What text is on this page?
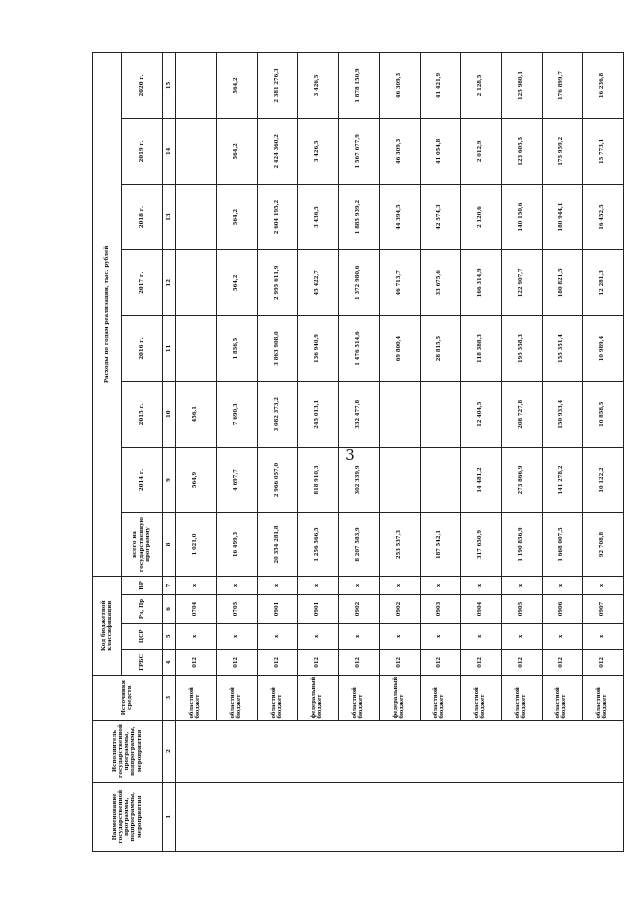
3
Наименование государственной программы, подпрограммы, мероприятия	Исполнитель государственной программы, подпрограммы, мероприятия	Источники средств	Код бюджетной классификации				Расходы по годам реализации, тыс. рублей							
			ГРБС	ЦСР	Рз, Пр	ВР	всего на государственную программу	2014 г.	2015 г.	2016 г.	2017 г.	2018 г.	2019 г.	2020 г.
1	2	3	4	5	6	7	8	9	10	11	12	13	14	15
		областной бюджет	012	х	0704	х	1 021,0	564,9	456,1					
		областной бюджет	012	х	0705	х	16 499,3	4 697,7	7 690,3	1 856,5	564,2	564,2	564,2	564,2
		областной бюджет	012	х	0901	х	20 354 281,8	2 966 057,0	3 082 373,2	3 863 908,0	2 995 611,9	2 604 195,2	2 424 360,2	2 381 276,3
		федеральный бюджет	012	х	0901	х	1 256 566,5	818 910,3	245 013,1	136 940,9	45 422,7	3 436,5	3 426,5	3 426,5
		областной бюджет	012	х	0902	х	8 207 583,9	302 339,9	332 477,8	1 476 514,6	1 372 980,6	1 885 939,2	1 567 677,9	1 878 150,9
		федеральный бюджет	012	х	0902	х	253 537,3			69 800,4	46 713,7	44 394,5	46 309,3	46 309,3
		областной бюджет	012	х	0903	х	187 542,1			28 815,5	33 675,6	42 574,3	41 054,8	41 421,9
		областной бюджет	012	х	0904	х	317 650,9	14 481,2	12 404,5	118 388,3	166 314,9	2 120,6	2 012,9	2 128,5
		областной бюджет	012	х	0905	х	1 190 856,9	273 866,9	208 727,8	195 558,3	122 907,7	140 150,6	123 605,5	125 980,1
		областной бюджет	012	х	0906	х	1 668 007,5	141 278,2	150 933,4	155 351,4	180 821,5	180 944,1	175 959,2	176 899,7
		областной бюджет	012	х	0907	х	92 708,8	10 122,2	10 858,5	10 989,4	12 281,3	16 452,5	15 773,1	16 236,8
